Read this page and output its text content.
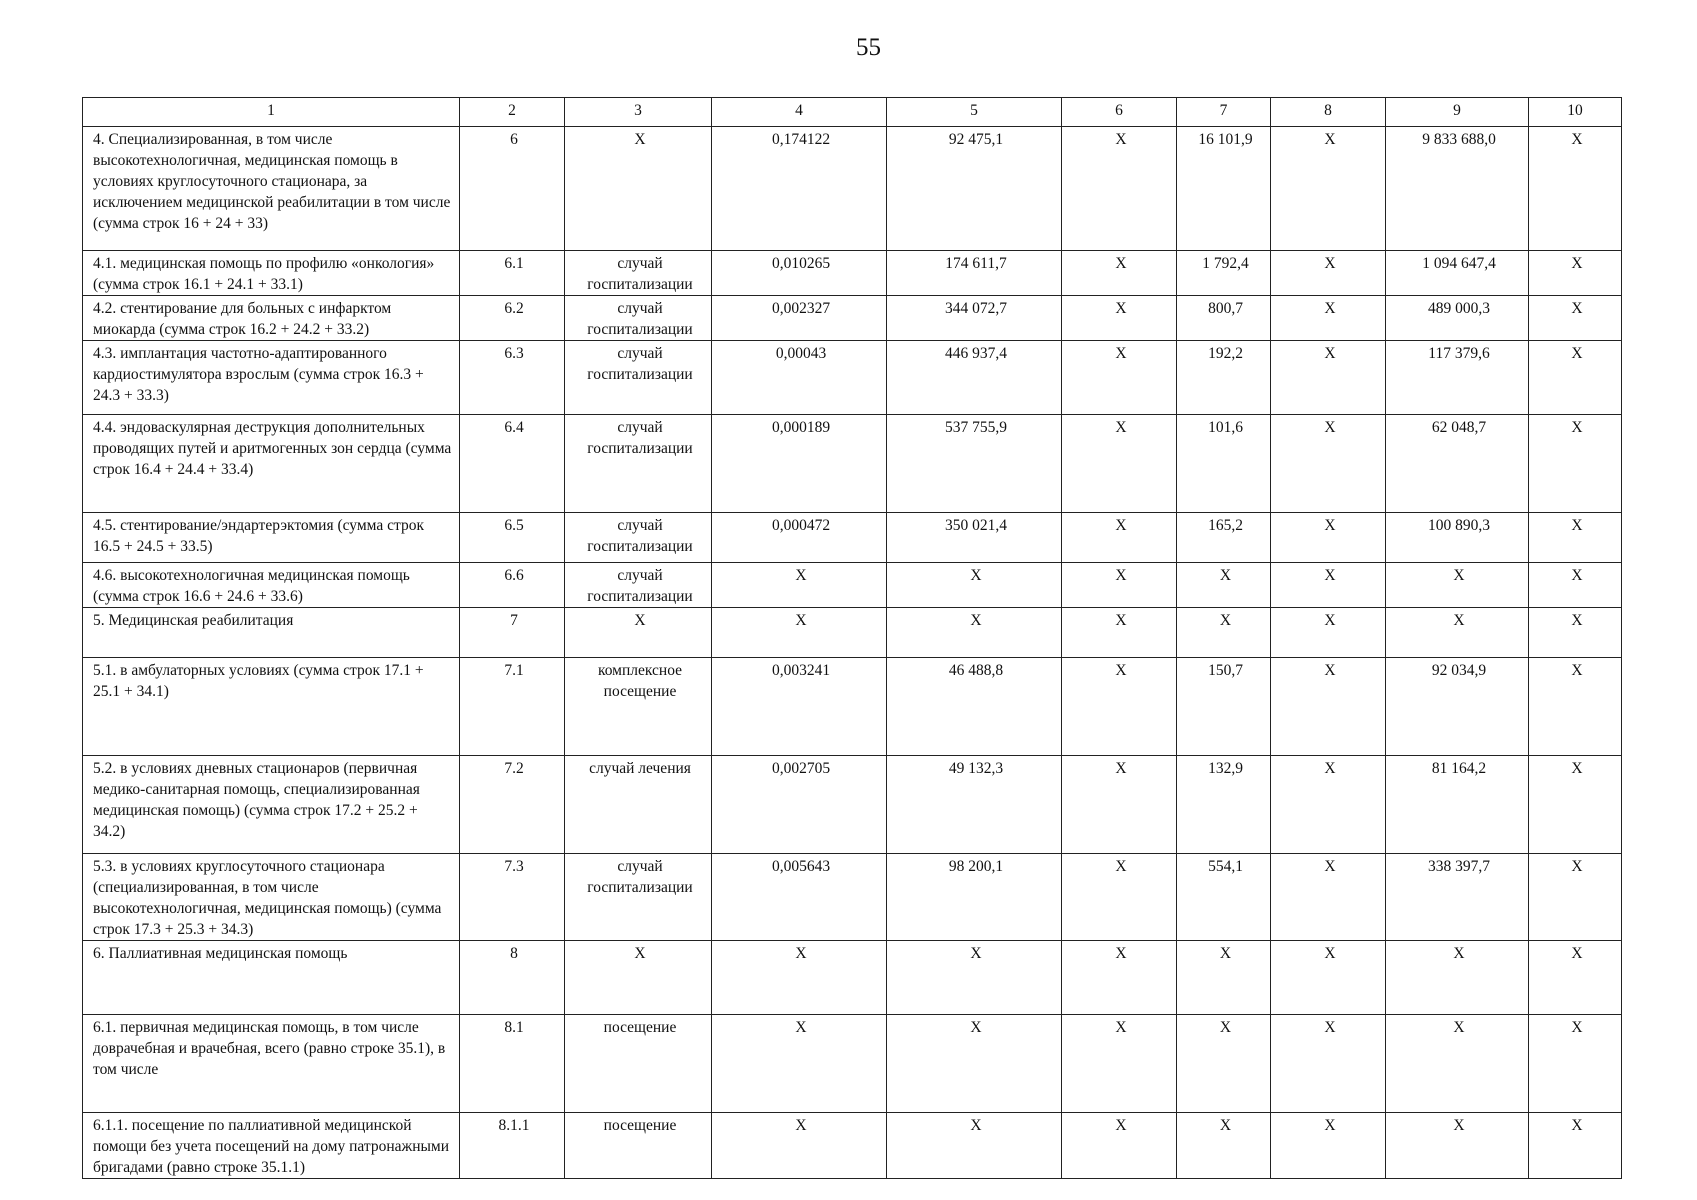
55
1	2	3	4	5	6	7	8	9	10
4. Специализированная, в том числе высокотехнологичная, медицинская помощь в условиях круглосуточного стационара, за исключением медицинской реабилитации в том числе (сумма строк 16 + 24 + 33)	6	Х	0,174122	92 475,1	Х	16 101,9	Х	9 833 688,0	Х
4.1. медицинская помощь по профилю «онкология» (сумма строк 16.1 + 24.1 + 33.1)	6.1	случай госпитализации	0,010265	174 611,7	Х	1 792,4	Х	1 094 647,4	Х
4.2. стентирование для больных с инфарктом миокарда (сумма строк 16.2 + 24.2 + 33.2)	6.2	случай госпитализации	0,002327	344 072,7	Х	800,7	Х	489 000,3	Х
4.3. имплантация частотно-адаптированного кардиостимулятора взрослым (сумма строк 16.3 + 24.3 + 33.3)	6.3	случай госпитализации	0,00043	446 937,4	Х	192,2	Х	117 379,6	Х
4.4. эндоваскулярная деструкция дополнительных проводящих путей и аритмогенных зон сердца (сумма строк 16.4 + 24.4 + 33.4)	6.4	случай госпитализации	0,000189	537 755,9	Х	101,6	Х	62 048,7	Х
4.5. стентирование/эндартерэктомия (сумма строк 16.5 + 24.5 + 33.5)	6.5	случай госпитализации	0,000472	350 021,4	Х	165,2	Х	100 890,3	Х
4.6. высокотехнологичная медицинская помощь (сумма строк 16.6 + 24.6 + 33.6)	6.6	случай госпитализации	Х	Х	Х	Х	Х	Х	Х
5. Медицинская реабилитация	7	Х	Х	Х	Х	Х	Х	Х	Х
5.1. в амбулаторных условиях (сумма строк 17.1 + 25.1 + 34.1)	7.1	комплексное посещение	0,003241	46 488,8	Х	150,7	Х	92 034,9	Х
5.2. в условиях дневных стационаров (первичная медико-санитарная помощь, специализированная медицинская помощь) (сумма строк 17.2 + 25.2 + 34.2)	7.2	случай лечения	0,002705	49 132,3	Х	132,9	Х	81 164,2	Х
5.3. в условиях круглосуточного стационара (специализированная, в том числе высокотехнологичная, медицинская помощь) (сумма строк 17.3 + 25.3 + 34.3)	7.3	случай госпитализации	0,005643	98 200,1	Х	554,1	Х	338 397,7	Х
6. Паллиативная медицинская помощь	8	Х	Х	Х	Х	Х	Х	Х	Х
6.1. первичная медицинская помощь, в том числе доврачебная и врачебная, всего (равно строке 35.1), в том числе	8.1	посещение	Х	Х	Х	Х	Х	Х	Х
6.1.1. посещение по паллиативной медицинской помощи без учета посещений на дому патронажными бригадами (равно строке 35.1.1)	8.1.1	посещение	Х	Х	Х	Х	Х	Х	Х
